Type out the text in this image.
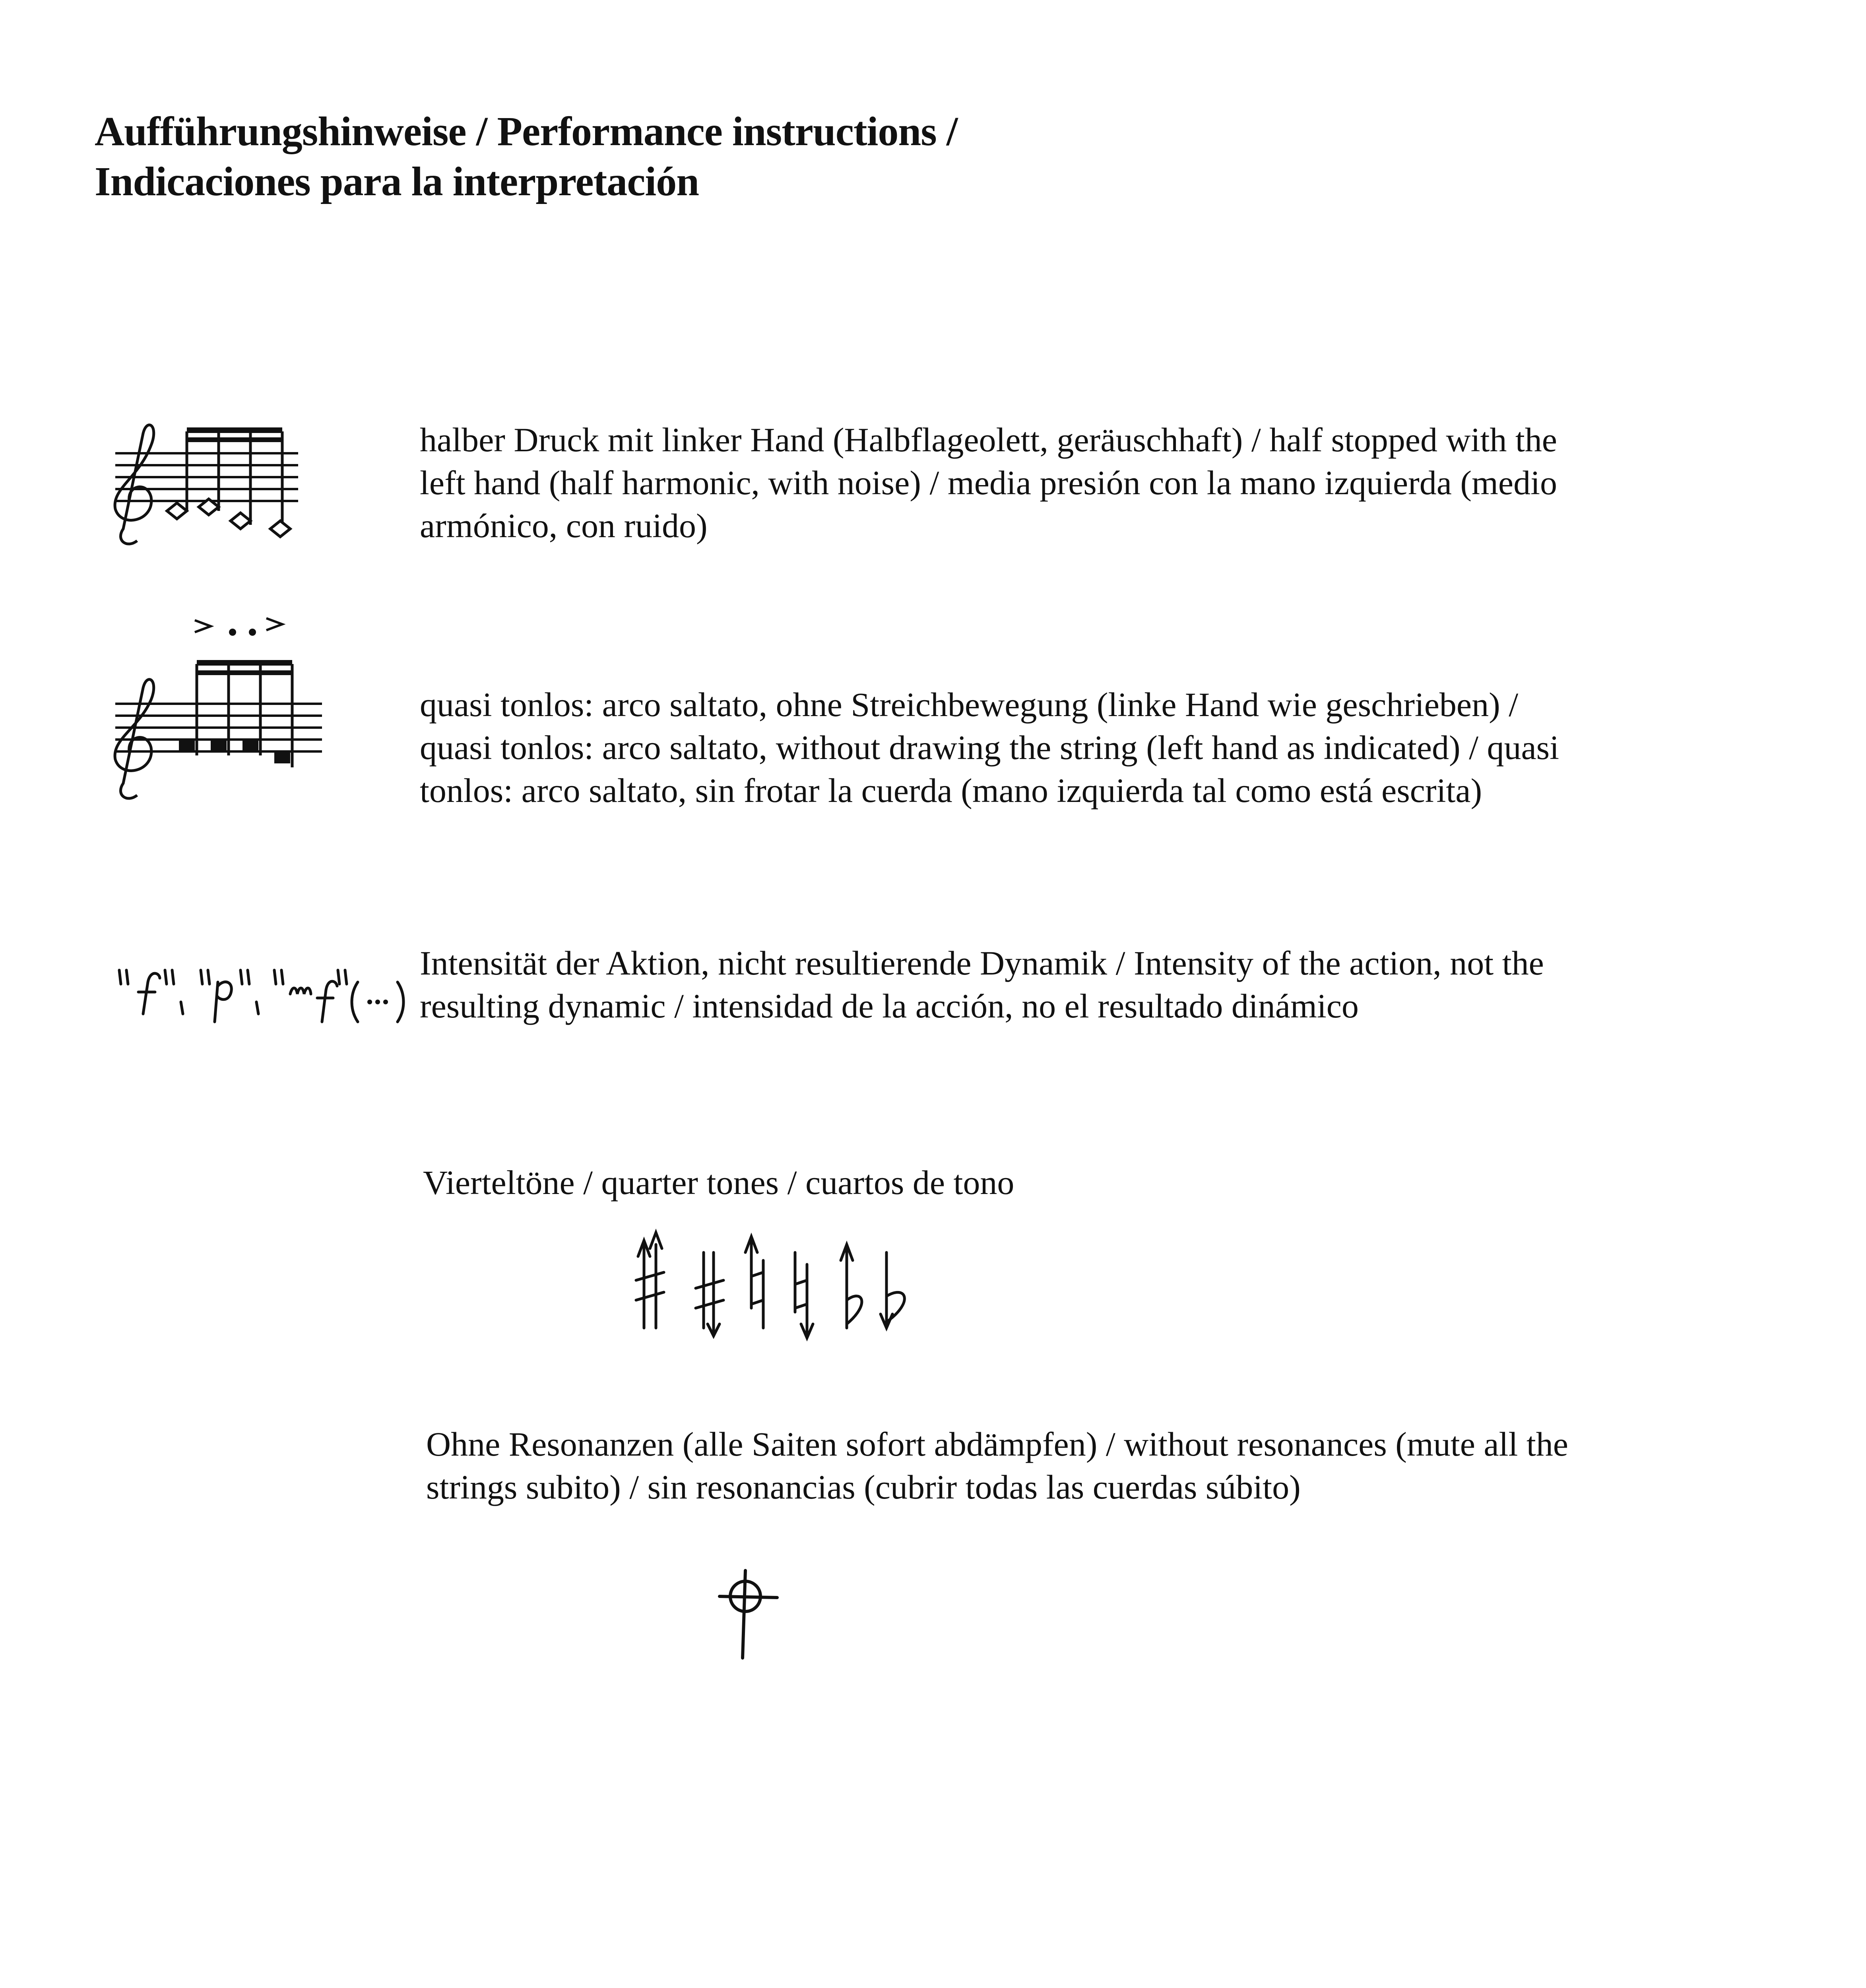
Aufführungshinweise / Performance instructions /
Indicaciones para la interpretación
halber Druck mit linker Hand (Halbflageolett, geräuschhaft) / half stopped with the
left hand (half harmonic, with noise) / media presión con la mano izquierda (medio
armónico, con ruido)
quasi tonlos: arco saltato, ohne Streichbewegung (linke Hand wie geschrieben) /
quasi tonlos: arco saltato, without drawing the string (left hand as indicated) / quasi
tonlos: arco saltato, sin frotar la cuerda (mano izquierda tal como está escrita)
Intensität der Aktion, nicht resultierende Dynamik / Intensity of the action, not the
resulting dynamic / intensidad de la acción, no el resultado dinámico
Vierteltöne / quarter tones / cuartos de tono
Ohne Resonanzen (alle Saiten sofort abdämpfen) / without resonances (mute all the
strings subito) / sin resonancias (cubrir todas las cuerdas súbito)
